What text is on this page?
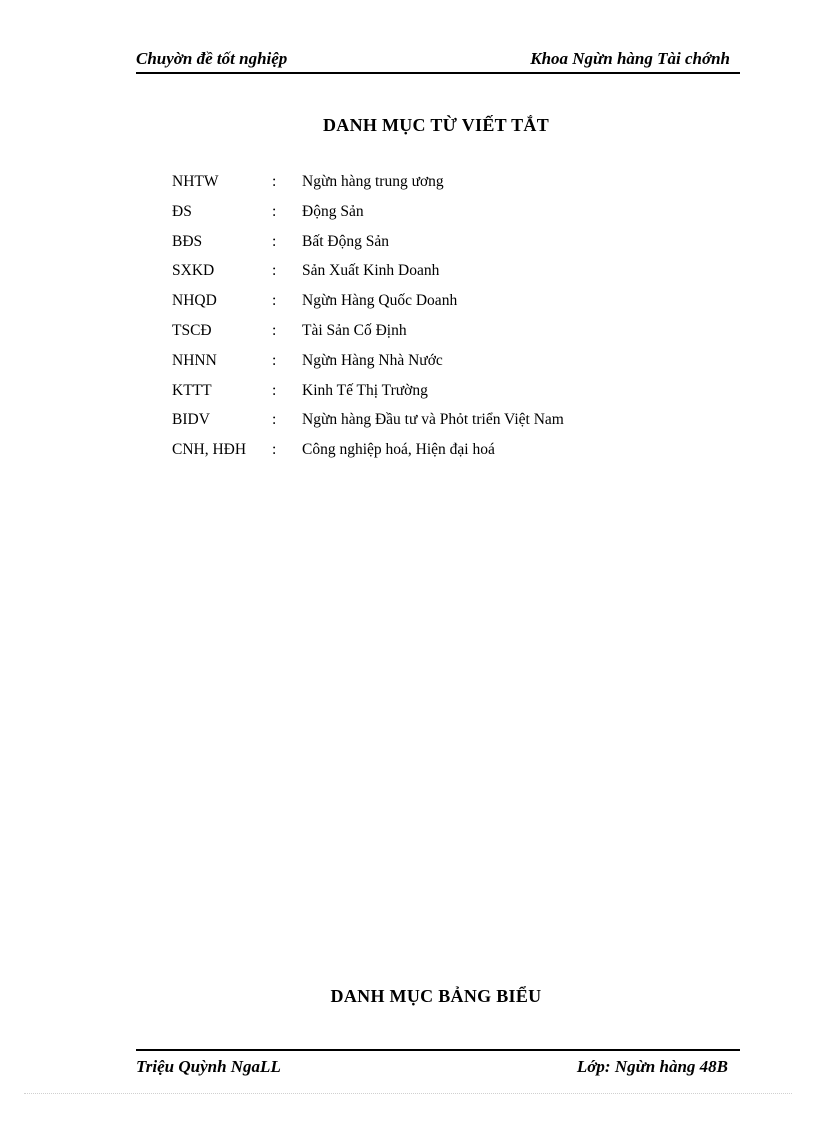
Chuyờn đề tốt nghiệp	Khoa Ngừn hàng Tài chớnh
DANH MỤC TỪ VIẾT TẮT
NHTW	: Ngừn hàng trung ương
ĐS	: Động Sản
BĐS	: Bất Động Sản
SXKD	: Sản Xuất Kinh Doanh
NHQD	: Ngừn Hàng Quốc Doanh
TSCĐ	: Tài Sản Cố Định
NHNN	: Ngừn Hàng Nhà Nước
KTTT	: Kinh Tế Thị Trường
BIDV	: Ngừn hàng Đầu tư và Phỏt triển Việt Nam
CNH, HĐH : Công nghiệp hoá, Hiện đại hoá
DANH MỤC BẢNG BIỂU
Triệu Quỳnh NgaLL	Lớp: Ngừn hàng 48B
